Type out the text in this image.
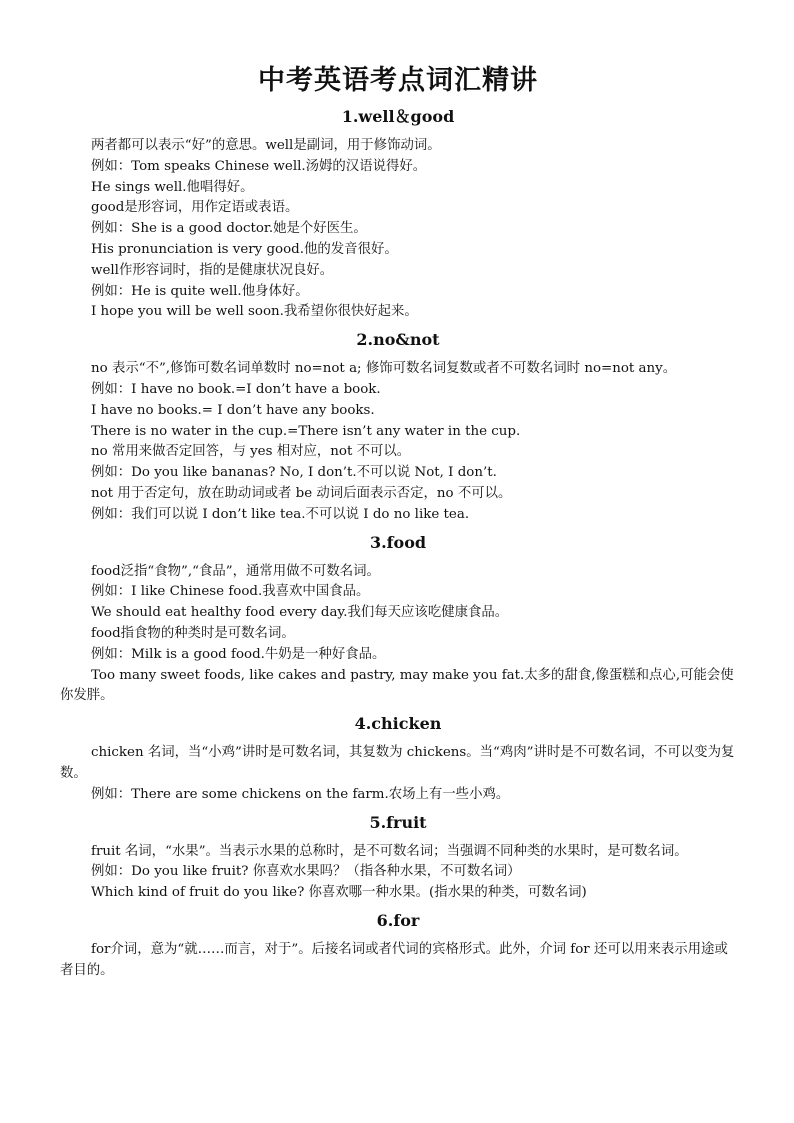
中考英语考点词汇精讲
1.well＆good

两者都可以表示“好”的意思。well是副词，用于修饰动词。

例如：Tom speaks Chinese well.汤姆的汉语说得好。

He sings well.他唱得好。

good是形容词，用作定语或表语。

例如：She is a good doctor.她是个好医生。

His pronunciation is very good.他的发音很好。

well作形容词时，指的是健康状况良好。

例如：He is quite well.他身体好。

I hope you will be well soon.我希望你很快好起来。

2.no&not

no 表示“不”,修饰可数名词单数时 no=not a; 修饰可数名词复数或者不可数名词时 no=not any。

例如：I have no book.=I don’t have a book.

I have no books.= I don’t have any books.

There is no water in the cup.=There isn’t any water in the cup.

no 常用来做否定回答，与 yes 相对应，not 不可以。

例如：Do you like bananas? No, I don’t.不可以说 Not, I don’t.

not 用于否定句，放在助动词或者 be 动词后面表示否定，no 不可以。

例如：我们可以说 I don’t like tea.不可以说 I do no like tea.

3.food

food泛指“食物”,“食品”，通常用做不可数名词。

例如：I like Chinese food.我喜欢中国食品。

We should eat healthy food every day.我们每天应该吃健康食品。

food指食物的种类时是可数名词。

例如：Milk is a good food.牛奶是一种好食品。

Too many sweet foods, like cakes and pastry, may make you fat.太多的甜食,像蛋糕和点心,可能会使你发胖。

4.chicken

chicken 名词，当“小鸡”讲时是可数名词，其复数为 chickens。当“鸡肉”讲时是不可数名词，不可以变为复数。

例如：There are some chickens on the farm.农场上有一些小鸡。

5.fruit

fruit 名词，“水果”。当表示水果的总称时，是不可数名词；当强调不同种类的水果时，是可数名词。

例如：Do you like fruit? 你喜欢水果吗？（指各种水果，不可数名词）

Which kind of fruit do you like? 你喜欢哪一种水果。(指水果的种类，可数名词)

6.for

for介词，意为“就……而言，对于”。后接名词或者代词的宾格形式。此外，介词 for 还可以用来表示用途或者目的。
